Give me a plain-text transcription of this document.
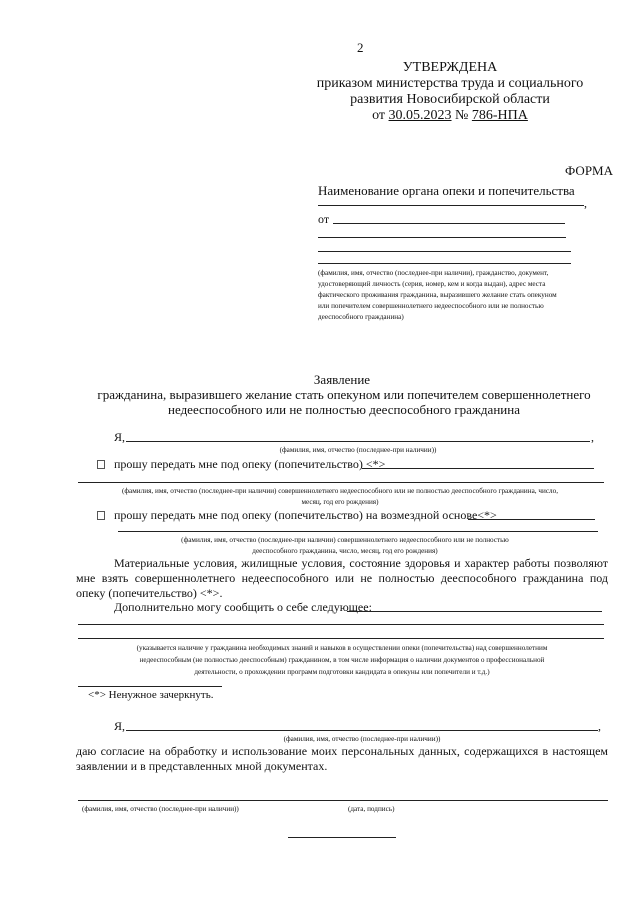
2
УТВЕРЖДЕНА
приказом министерства труда и социального
развития Новосибирской области
от 30.05.2023 № 786-НПА
ФОРМА
Наименование органа опеки и попечительства
,
от
(фамилия, имя, отчество (последнее-при наличии), гражданство, документ,
удостоверяющий личность (серия, номер, кем и когда выдан), адрес места
фактического проживания гражданина, выразившего желание стать опекуном
или попечителем совершеннолетнего недееспособного или не полностью
дееспособного гражданина)
Заявление
гражданина, выразившего желание стать опекуном или попечителем совершеннолетнего
недееспособного или не полностью дееспособного гражданина
Я,	,
(фамилия, имя, отчество (последнее-при наличии))
прошу передать мне под опеку (попечительство) <*>
(фамилия, имя, отчество (последнее-при наличии) совершеннолетнего недееспособного или не полностью дееспособного гражданина, число,
месяц, год его рождения)
прошу передать мне под опеку (попечительство) на возмездной основе<*>
(фамилия, имя, отчество (последнее-при наличии) совершеннолетнего недееспособного или не полностью
дееспособного гражданина, число, месяц, год его рождения)
Материальные условия, жилищные условия, состояние здоровья и характер работы позволяют мне взять совершеннолетнего недееспособного или не полностью дееспособного гражданина под опеку (попечительство) <*>.
Дополнительно могу сообщить о себе следующее:
(указывается наличие у гражданина необходимых знаний и навыков в осуществлении опеки (попечительства) над совершеннолетним
недееспособным (не полностью дееспособным) гражданином, в том числе информация о наличии документов о профессиональной
деятельности, о прохождении программ подготовки кандидата в опекуны или попечители и т.д.)
<*> Ненужное зачеркнуть.
Я,	,
(фамилия, имя, отчество (последнее-при наличии))
даю согласие на обработку и использование моих персональных данных, содержащихся в настоящем заявлении и в представленных мной документах.
(фамилия, имя, отчество (последнее-при наличии))	(дата, подпись)
